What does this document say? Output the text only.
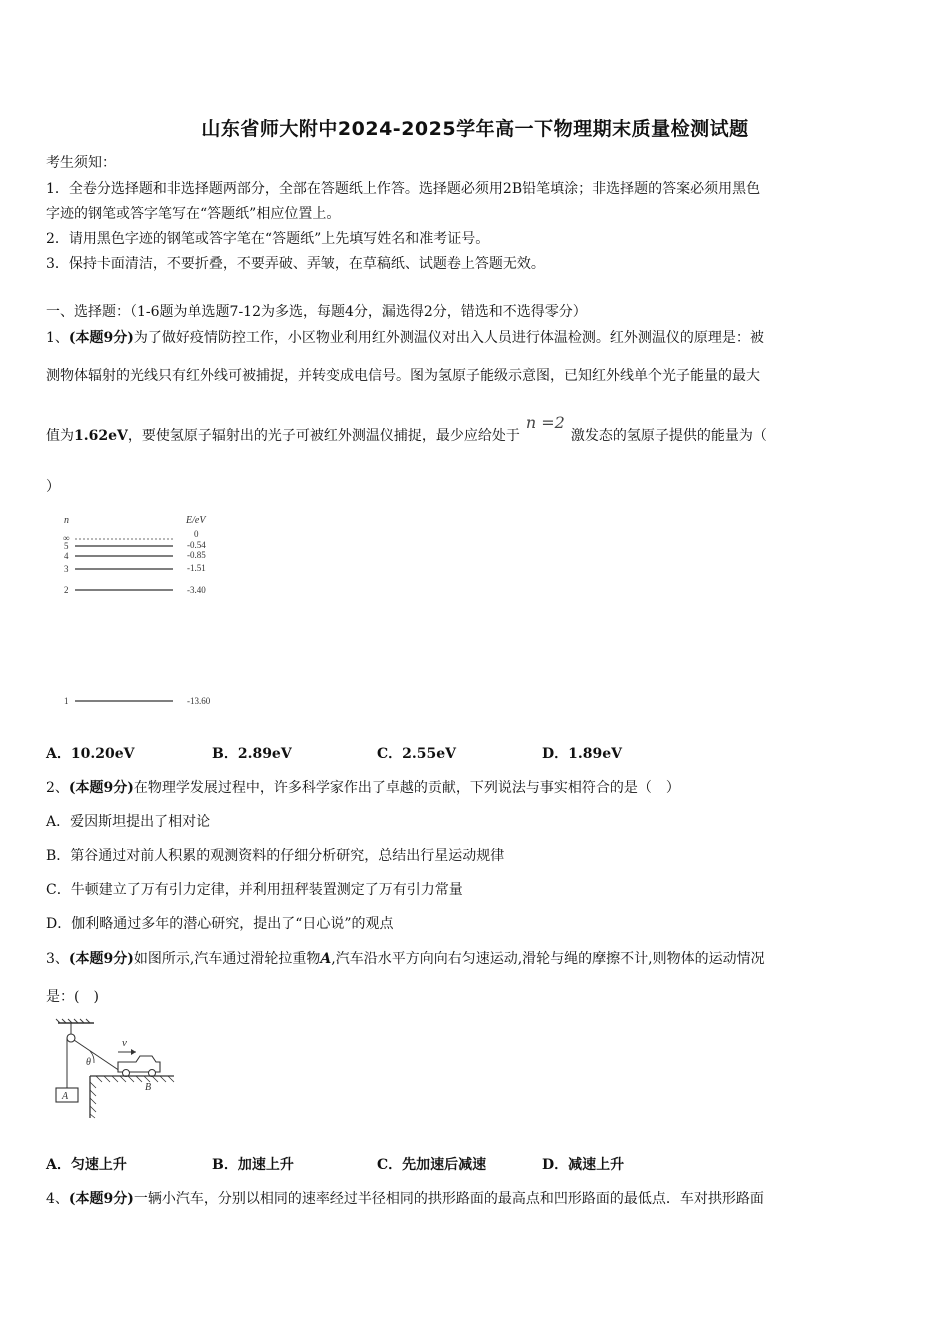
山东省师大附中2024-2025学年高一下物理期末质量检测试题
考生须知：
1．全卷分选择题和非选择题两部分，全部在答题纸上作答。选择题必须用2B铅笔填涂；非选择题的答案必须用黑色
字迹的钢笔或答字笔写在“答题纸”相应位置上。
2．请用黑色字迹的钢笔或答字笔在“答题纸”上先填写姓名和准考证号。
3．保持卡面清洁，不要折叠，不要弄破、弄皱，在草稿纸、试题卷上答题无效。
一、选择题：（1-6题为单选题7-12为多选，每题4分，漏选得2分，错选和不选得零分）
1、(本题9分)为了做好疫情防控工作，小区物业利用红外测温仪对出入人员进行体温检测。红外测温仪的原理是：被
测物体辐射的光线只有红外线可被捕捉，并转变成电信号。图为氢原子能级示意图，已知红外线单个光子能量的最大
值为1.62eV，要使氢原子辐射出的光子可被红外测温仪捕捉，最少应给处于n =2激发态的氢原子提供的能量为（
）
n	E/eV
∞
5
4
3
2
1
0
-0.54
-0.85
-1.51
-3.40
-13.60
A．10.20eV	B．2.89eV	C．2.55eV	D．1.89eV
2、(本题9分)在物理学发展过程中，许多科学家作出了卓越的贡献，下列说法与事实相符合的是（　）
A．爱因斯坦提出了相对论
B．第谷通过对前人积累的观测资料的仔细分析研究，总结出行星运动规律
C．牛顿建立了万有引力定律，并利用扭秤装置测定了万有引力常量
D．伽利略通过多年的潜心研究，提出了“日心说”的观点
3、(本题9分)如图所示,汽车通过滑轮拉重物A,汽车沿水平方向向右匀速运动,滑轮与绳的摩擦不计,则物体的运动情况
是：(　)
A
θ
v
B
A．匀速上升	B．加速上升	C．先加速后减速	D．减速上升
4、(本题9分)一辆小汽车，分别以相同的速率经过半径相同的拱形路面的最高点和凹形路面的最低点．车对拱形路面
